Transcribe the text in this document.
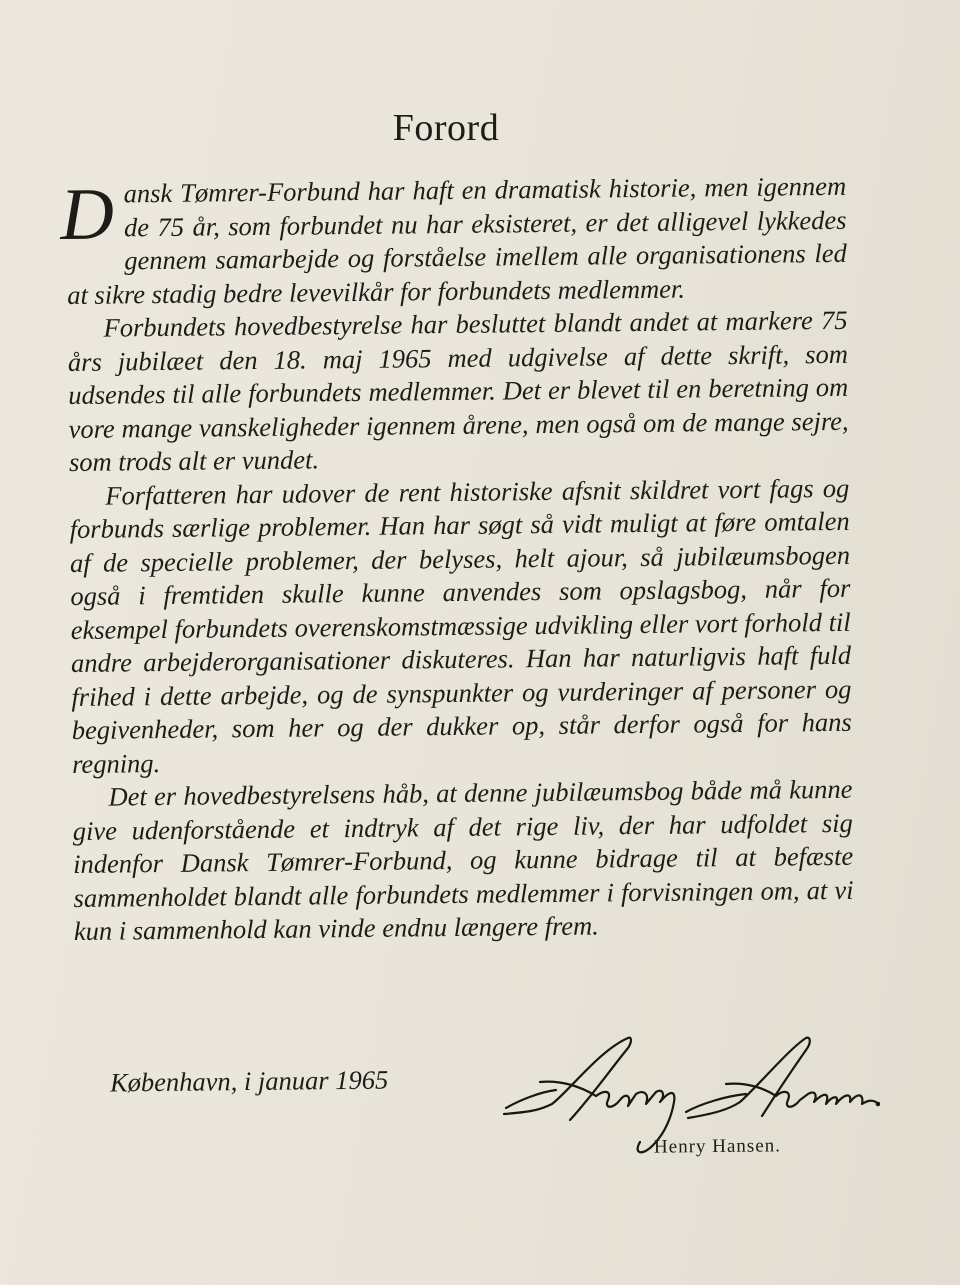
Forord

Dansk Tømrer-Forbund har haft en dramatisk historie, men igennem de 75 år, som forbundet nu har eksisteret, er det alligevel lykkedes gennem samarbejde og forståelse imellem alle organisationens led at sikre stadig bedre levevilkår for forbundets medlemmer.

Forbundets hovedbestyrelse har besluttet blandt andet at markere 75 års jubilæet den 18. maj 1965 med udgivelse af dette skrift, som udsendes til alle forbundets medlemmer. Det er blevet til en beretning om vore mange vanskeligheder igennem årene, men også om de mange sejre, som trods alt er vundet.

Forfatteren har udover de rent historiske afsnit skildret vort fags og forbunds særlige problemer. Han har søgt så vidt muligt at føre omtalen af de specielle problemer, der belyses, helt ajour, så jubilæumsbogen også i fremtiden skulle kunne anvendes som opslagsbog, når for eksempel forbundets overenskomstmæssige udvikling eller vort forhold til andre arbejderorganisationer diskuteres. Han har naturligvis haft fuld frihed i dette arbejde, og de synspunkter og vurderinger af personer og begivenheder, som her og der dukker op, står derfor også for hans regning.

Det er hovedbestyrelsens håb, at denne jubilæumsbog både må kunne give udenforstående et indtryk af det rige liv, der har udfoldet sig indenfor Dansk Tømrer-Forbund, og kunne bidrage til at befæste sammenholdet blandt alle forbundets medlemmer i forvisningen om, at vi kun i sammenhold kan vinde endnu længere frem.

København, i januar 1965
Henry Hansen.
